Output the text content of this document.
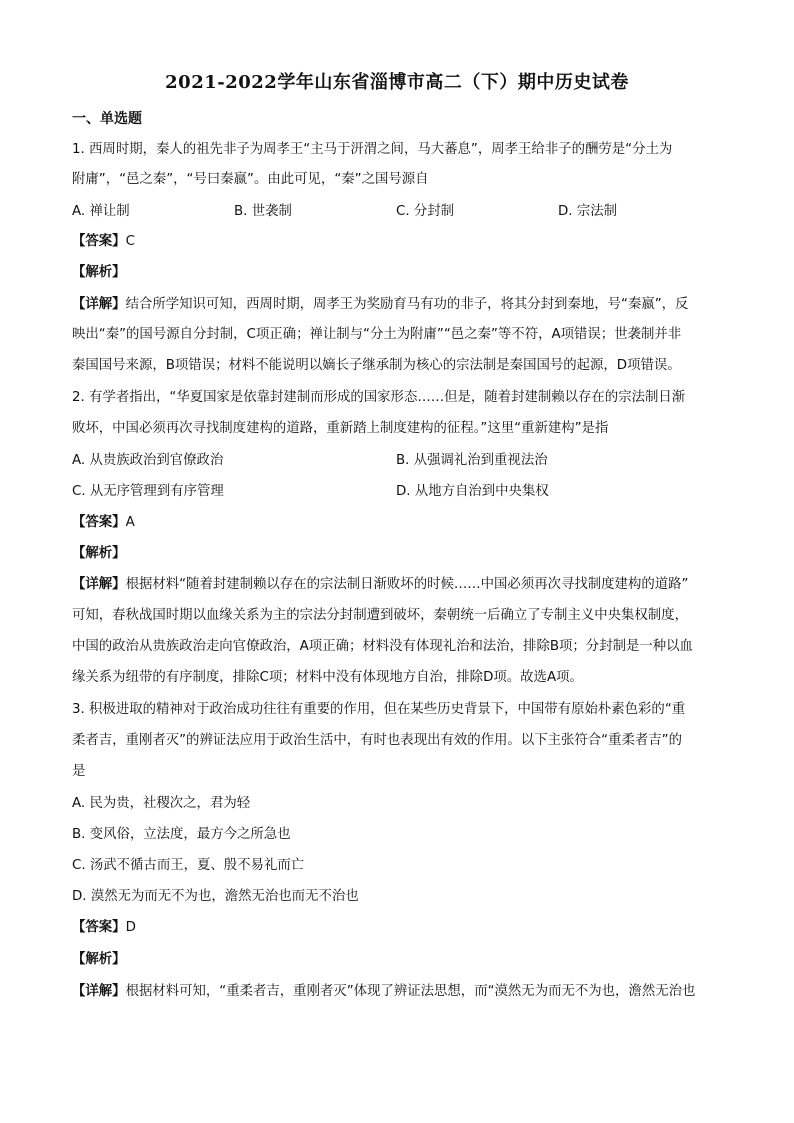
2021-2022学年山东省淄博市高二（下）期中历史试卷
一、单选题
1. 西周时期，秦人的祖先非子为周孝王“主马于汧渭之间，马大蕃息”，周孝王给非子的酬劳是“分土为
附庸”，“邑之秦”，“号曰秦嬴”。由此可见，“秦”之国号源自
A. 禅让制	B. 世袭制	C. 分封制	D. 宗法制
【答案】C
【解析】
【详解】结合所学知识可知，西周时期，周孝王为奖励育马有功的非子，将其分封到秦地，号“秦嬴”，反
映出“秦”的国号源自分封制，C项正确；禅让制与“分土为附庸”“邑之秦”等不符，A项错误；世袭制并非
秦国国号来源，B项错误；材料不能说明以嫡长子继承制为核心的宗法制是秦国国号的起源，D项错误。
2. 有学者指出，“华夏国家是依靠封建制而形成的国家形态……但是，随着封建制赖以存在的宗法制日渐
败坏，中国必须再次寻找制度建构的道路，重新踏上制度建构的征程。”这里“重新建构”是指
A. 从贵族政治到官僚政治	B. 从强调礼治到重视法治
C. 从无序管理到有序管理	D. 从地方自治到中央集权
【答案】A
【解析】
【详解】根据材料“随着封建制赖以存在的宗法制日渐败坏的时候……中国必须再次寻找制度建构的道路”
可知，春秋战国时期以血缘关系为主的宗法分封制遭到破坏，秦朝统一后确立了专制主义中央集权制度，
中国的政治从贵族政治走向官僚政治，A项正确；材料没有体现礼治和法治，排除B项；分封制是一种以血
缘关系为纽带的有序制度，排除C项；材料中没有体现地方自治，排除D项。故选A项。
3. 积极进取的精神对于政治成功往往有重要的作用，但在某些历史背景下，中国带有原始朴素色彩的“重
柔者吉，重刚者灭”的辨证法应用于政治生活中，有时也表现出有效的作用。以下主张符合“重柔者吉”的
是
A. 民为贵，社稷次之，君为轻
B. 变风俗，立法度，最方今之所急也
C. 汤武不循古而王，夏、殷不易礼而亡
D. 漠然无为而无不为也，澹然无治也而无不治也
【答案】D
【解析】
【详解】根据材料可知，“重柔者吉，重刚者灭”体现了辨证法思想，而“漠然无为而无不为也，澹然无治也
